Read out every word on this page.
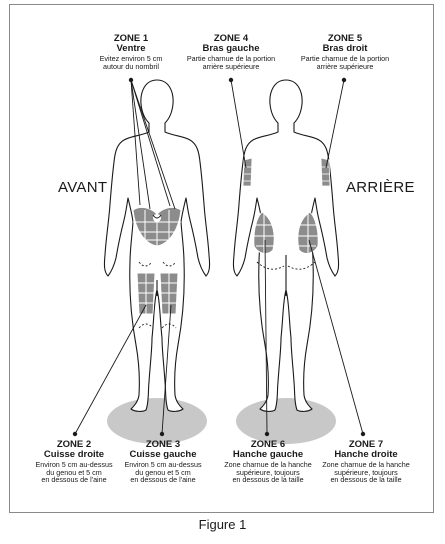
AVANT	ARRIÈRE
ZONE 1
Ventre
Evitez environ 5 cm
autour du nombril
ZONE 4
Bras gauche
Partie charnue de la portion
arrière supérieure
ZONE 5
Bras droit
Partie charnue de la portion
arrière supérieure
ZONE 2
Cuisse droite
Environ 5 cm au-dessus
du genou et 5 cm
en dessous de l'aine
ZONE 3
Cuisse gauche
Environ 5 cm au-dessus
du genou et 5 cm
en dessous de l'aine
ZONE 6
Hanche gauche
Zone charnue de la hanche
supérieure, toujours
en dessous de la taille
ZONE 7
Hanche droite
Zone charnue de la hanche
supérieure, toujours
en dessous de la taille
Figure 1
